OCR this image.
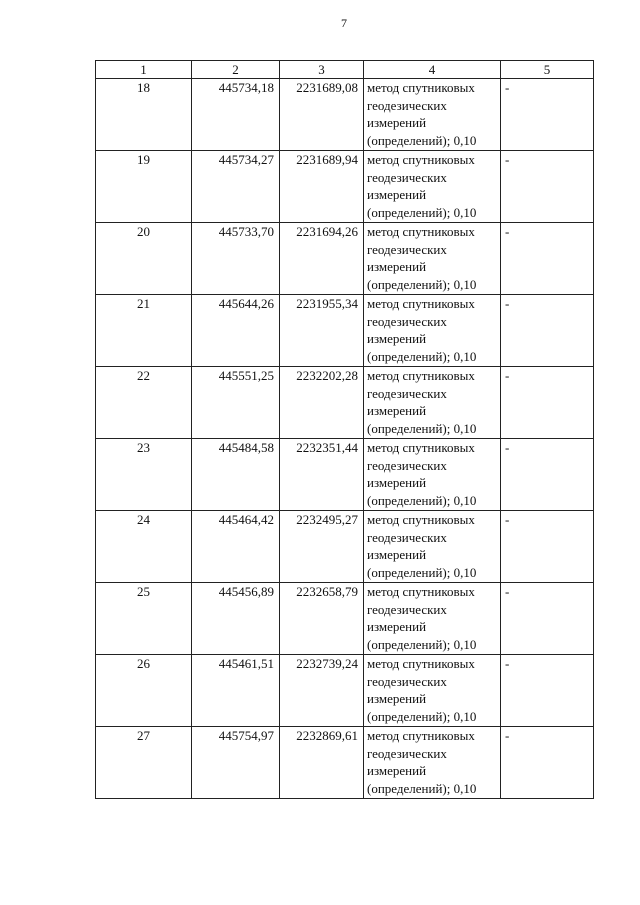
7
1	2	3	4	5
18	445734,18	2231689,08	метод спутниковых
геодезических
измерений
(определений); 0,10	-
19	445734,27	2231689,94	метод спутниковых
геодезических
измерений
(определений); 0,10	-
20	445733,70	2231694,26	метод спутниковых
геодезических
измерений
(определений); 0,10	-
21	445644,26	2231955,34	метод спутниковых
геодезических
измерений
(определений); 0,10	-
22	445551,25	2232202,28	метод спутниковых
геодезических
измерений
(определений); 0,10	-
23	445484,58	2232351,44	метод спутниковых
геодезических
измерений
(определений); 0,10	-
24	445464,42	2232495,27	метод спутниковых
геодезических
измерений
(определений); 0,10	-
25	445456,89	2232658,79	метод спутниковых
геодезических
измерений
(определений); 0,10	-
26	445461,51	2232739,24	метод спутниковых
геодезических
измерений
(определений); 0,10	-
27	445754,97	2232869,61	метод спутниковых
геодезических
измерений
(определений); 0,10	-
